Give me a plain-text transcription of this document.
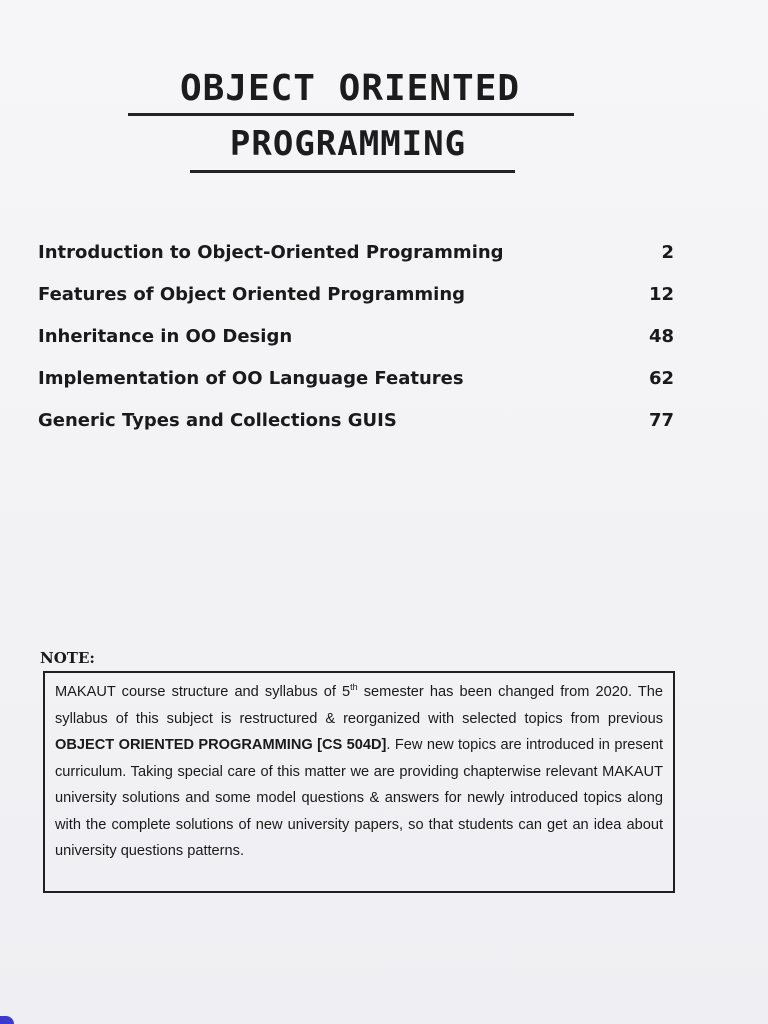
OBJECT ORIENTED
PROGRAMMING
Introduction to Object-Oriented Programming	2
Features of Object Oriented Programming	12
Inheritance in OO Design	48
Implementation of OO Language Features	62
Generic Types and Collections GUIS	77
NOTE:
MAKAUT course structure and syllabus of 5th semester has been changed from 2020. The syllabus of this subject is restructured & reorganized with selected topics from previous OBJECT ORIENTED PROGRAMMING [CS 504D]. Few new topics are introduced in present curriculum. Taking special care of this matter we are providing chapterwise relevant MAKAUT university solutions and some model questions & answers for newly introduced topics along with the complete solutions of new university papers, so that students can get an idea about university questions patterns.
